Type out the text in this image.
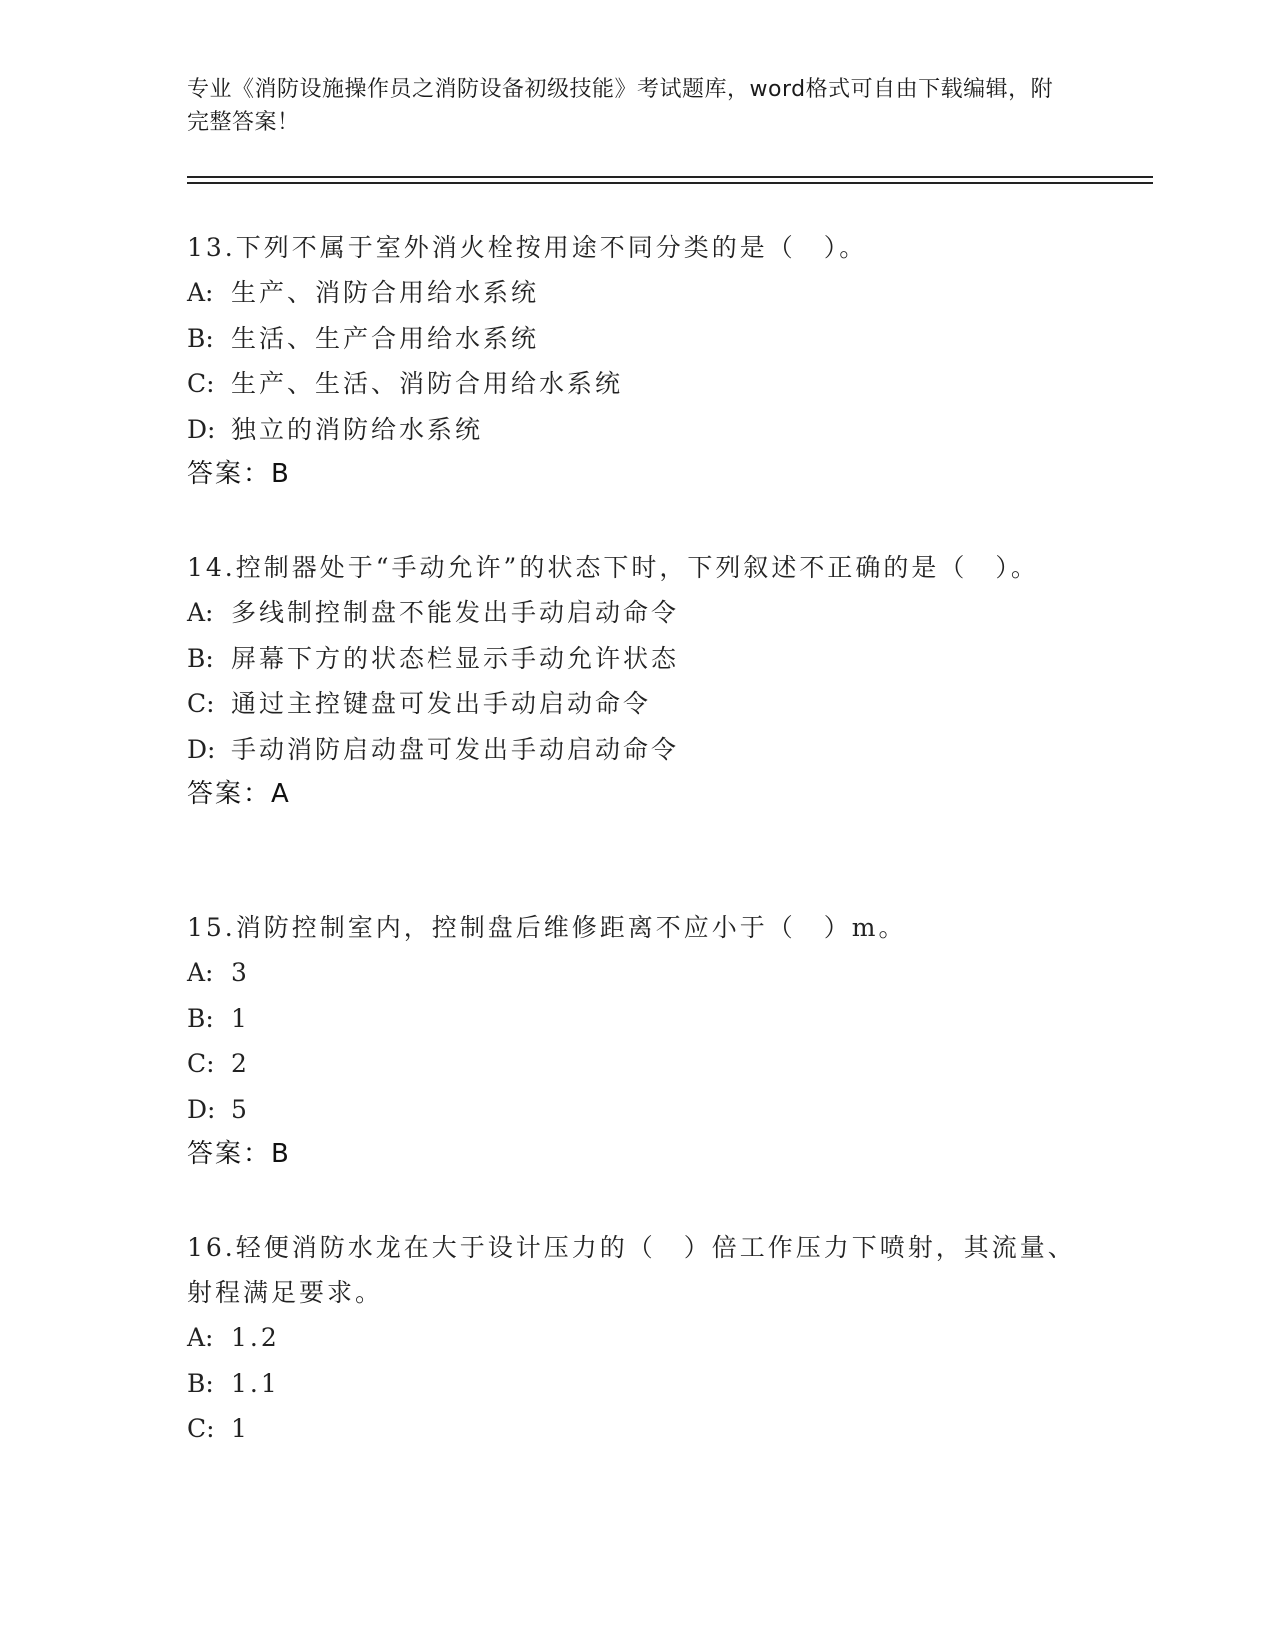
专业《消防设施操作员之消防设备初级技能》考试题库，word格式可自由下载编辑，附完整答案！
13.下列不属于室外消火栓按用途不同分类的是（　）。
A: 生产、消防合用给水系统
B: 生活、生产合用给水系统
C: 生产、生活、消防合用给水系统
D: 独立的消防给水系统
答案：B
14.控制器处于“手动允许”的状态下时，下列叙述不正确的是（　）。
A: 多线制控制盘不能发出手动启动命令
B: 屏幕下方的状态栏显示手动允许状态
C: 通过主控键盘可发出手动启动命令
D: 手动消防启动盘可发出手动启动命令
答案：A
15.消防控制室内，控制盘后维修距离不应小于（　）m。
A: 3
B: 1
C: 2
D: 5
答案：B
16.轻便消防水龙在大于设计压力的（　）倍工作压力下喷射，其流量、射程满足要求。
A: 1.2
B: 1.1
C: 1
